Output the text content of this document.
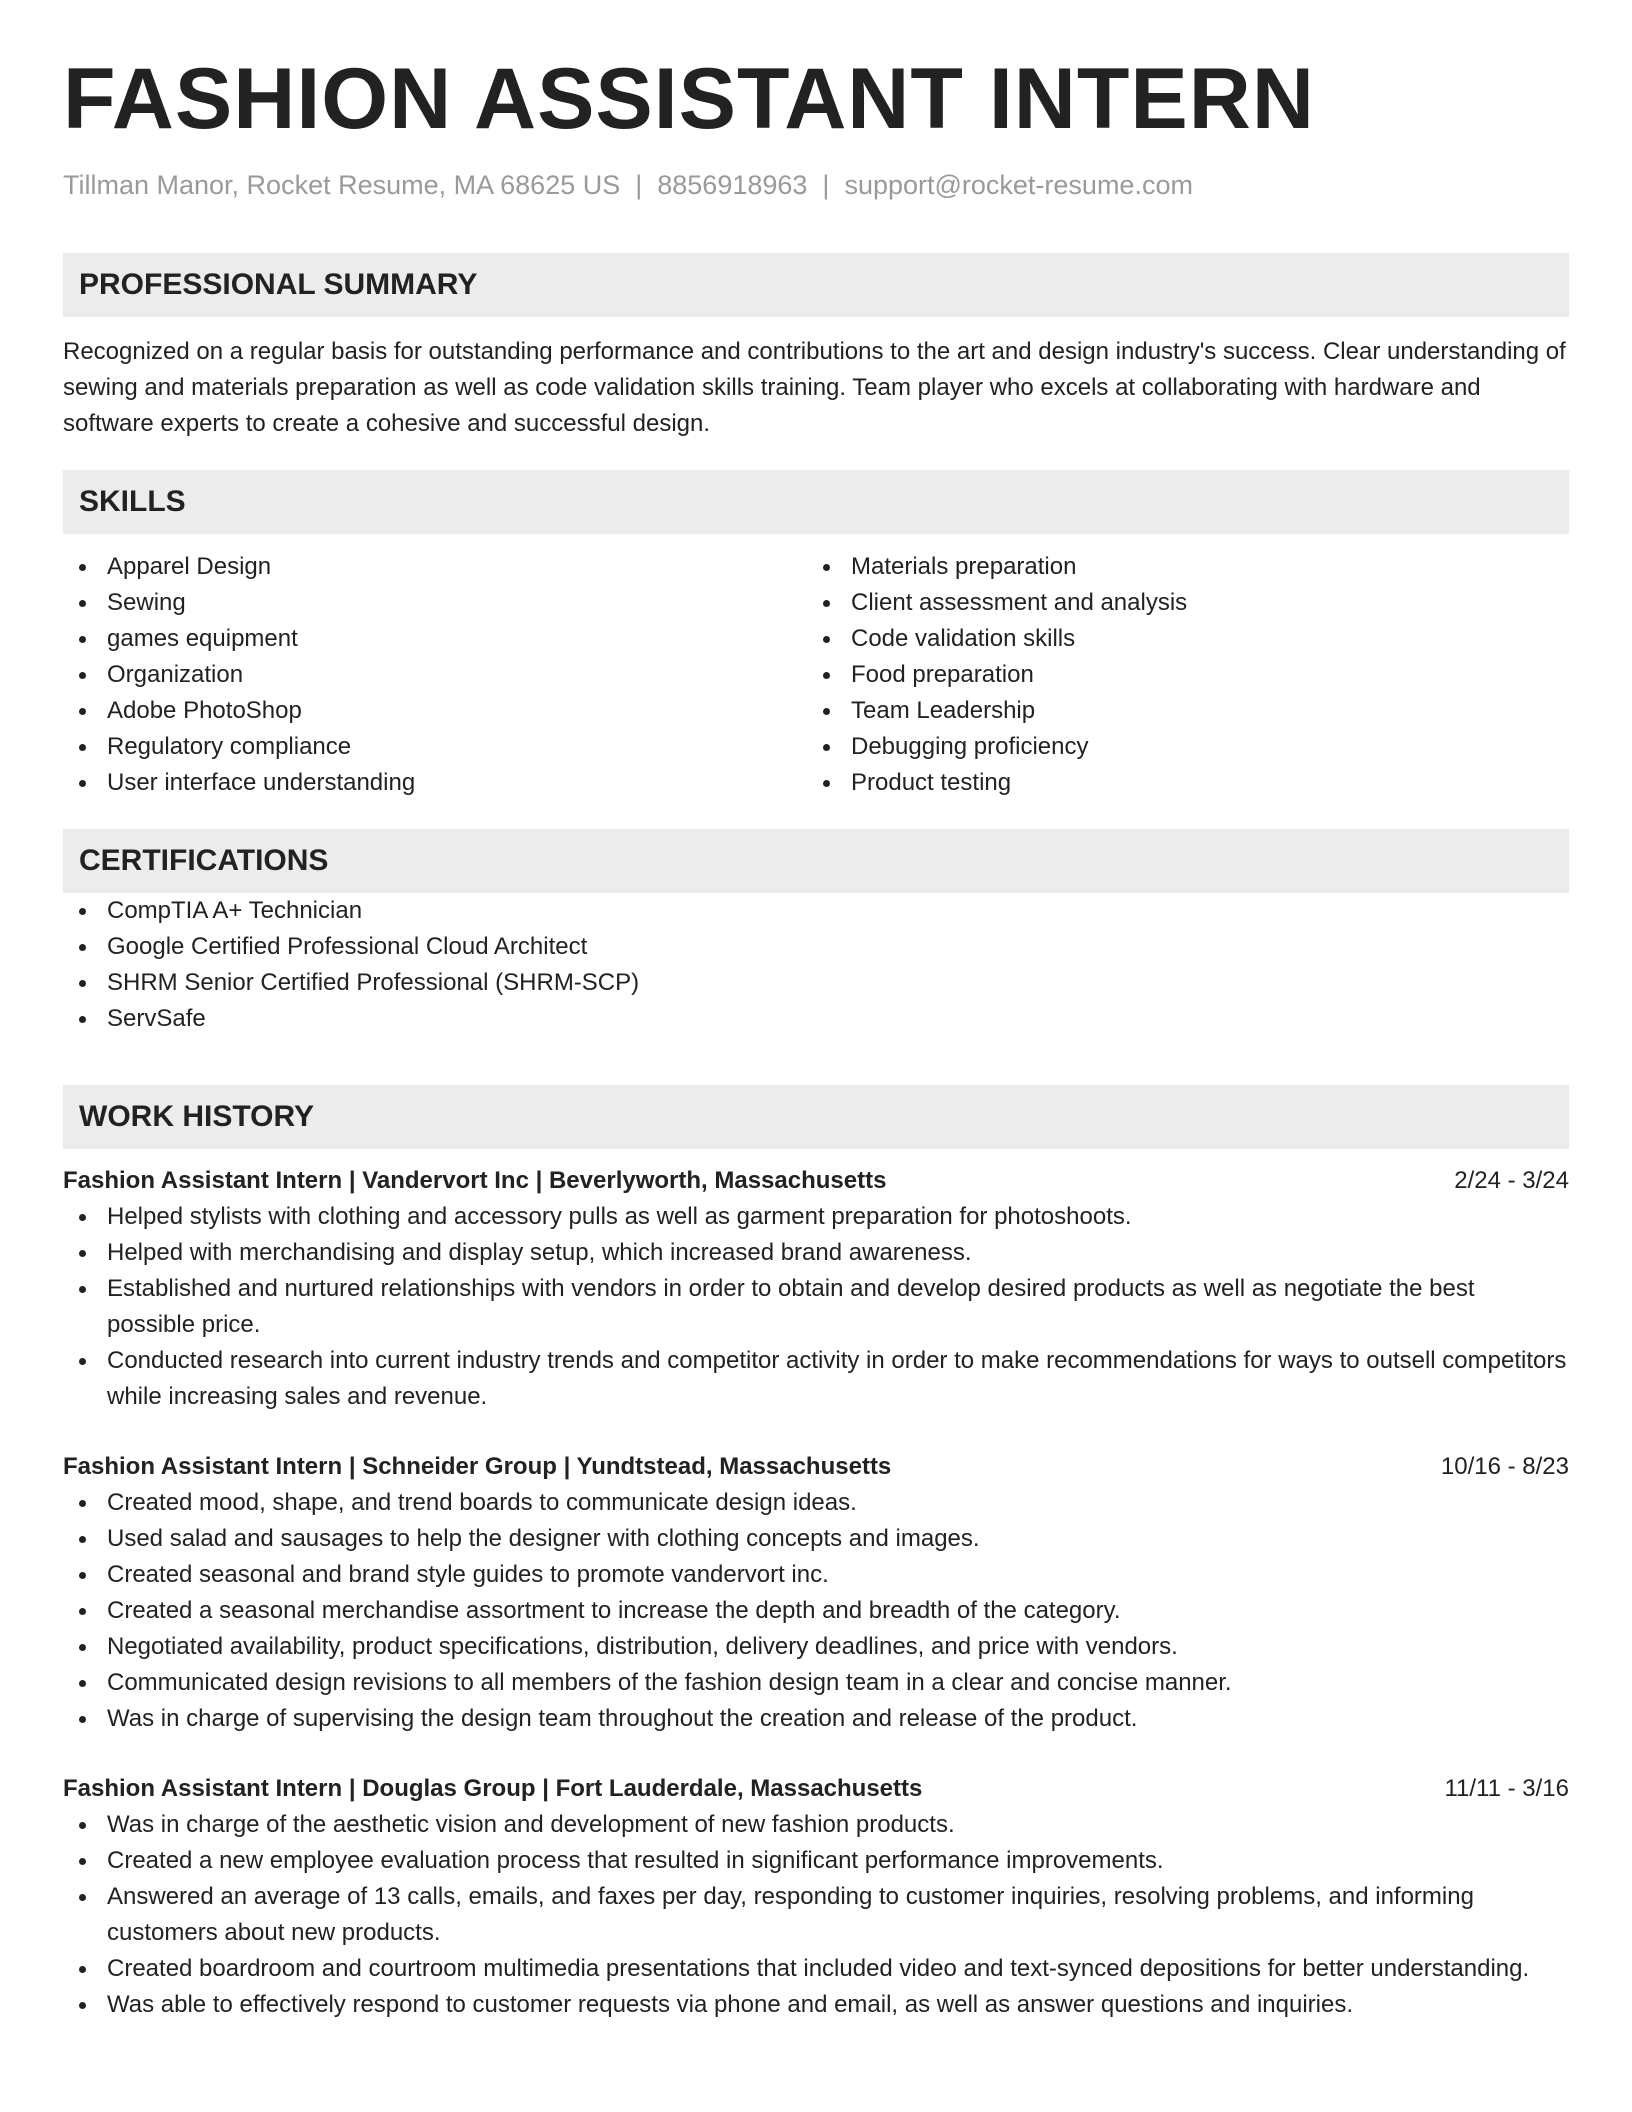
FASHION ASSISTANT INTERN
Tillman Manor, Rocket Resume, MA 68625 US | 8856918963 | support@rocket-resume.com
PROFESSIONAL SUMMARY

Recognized on a regular basis for outstanding performance and contributions to the art and design industry's success. Clear understanding of sewing and materials preparation as well as code validation skills training. Team player who excels at collaborating with hardware and software experts to create a cohesive and successful design.

SKILLS
Apparel Design
Sewing
games equipment
Organization
Adobe PhotoShop
Regulatory compliance
User interface understanding
Materials preparation
Client assessment and analysis
Code validation skills
Food preparation
Team Leadership
Debugging proficiency
Product testing
CERTIFICATIONS
CompTIA A+ Technician
Google Certified Professional Cloud Architect
SHRM Senior Certified Professional (SHRM-SCP)
ServSafe
WORK HISTORY
Fashion Assistant Intern | Vandervort Inc | Beverlyworth, Massachusetts	2/24 - 3/24
Helped stylists with clothing and accessory pulls as well as garment preparation for photoshoots.
Helped with merchandising and display setup, which increased brand awareness.
Established and nurtured relationships with vendors in order to obtain and develop desired products as well as negotiate the best possible price.
Conducted research into current industry trends and competitor activity in order to make recommendations for ways to outsell competitors while increasing sales and revenue.
Fashion Assistant Intern | Schneider Group | Yundtstead, Massachusetts	10/16 - 8/23
Created mood, shape, and trend boards to communicate design ideas.
Used salad and sausages to help the designer with clothing concepts and images.
Created seasonal and brand style guides to promote vandervort inc.
Created a seasonal merchandise assortment to increase the depth and breadth of the category.
Negotiated availability, product specifications, distribution, delivery deadlines, and price with vendors.
Communicated design revisions to all members of the fashion design team in a clear and concise manner.
Was in charge of supervising the design team throughout the creation and release of the product.
Fashion Assistant Intern | Douglas Group | Fort Lauderdale, Massachusetts	11/11 - 3/16
Was in charge of the aesthetic vision and development of new fashion products.
Created a new employee evaluation process that resulted in significant performance improvements.
Answered an average of 13 calls, emails, and faxes per day, responding to customer inquiries, resolving problems, and informing customers about new products.
Created boardroom and courtroom multimedia presentations that included video and text-synced depositions for better understanding.
Was able to effectively respond to customer requests via phone and email, as well as answer questions and inquiries.
